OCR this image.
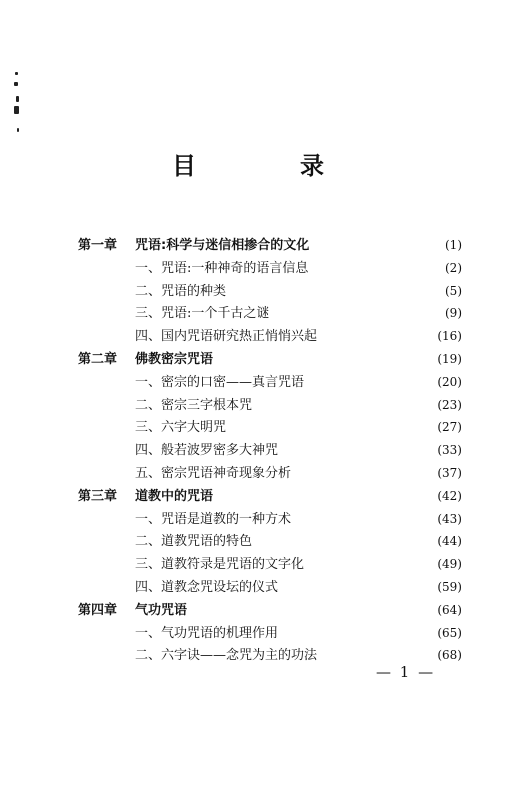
目　录
第一章	咒语:科学与迷信相掺合的文化	(1)
一、咒语:一种神奇的语言信息	(2)
二、咒语的种类	(5)
三、咒语:一个千古之谜	(9)
四、国内咒语研究热正悄悄兴起	(16)
第二章	佛教密宗咒语	(19)
一、密宗的口密——真言咒语	(20)
二、密宗三字根本咒	(23)
三、六字大明咒	(27)
四、般若波罗密多大神咒	(33)
五、密宗咒语神奇现象分析	(37)
第三章	道教中的咒语	(42)
一、咒语是道教的一种方术	(43)
二、道教咒语的特色	(44)
三、道教符录是咒语的文字化	(49)
四、道教念咒设坛的仪式	(59)
第四章	气功咒语	(64)
一、气功咒语的机理作用	(65)
二、六字诀——念咒为主的功法	(68)
— 1 —
